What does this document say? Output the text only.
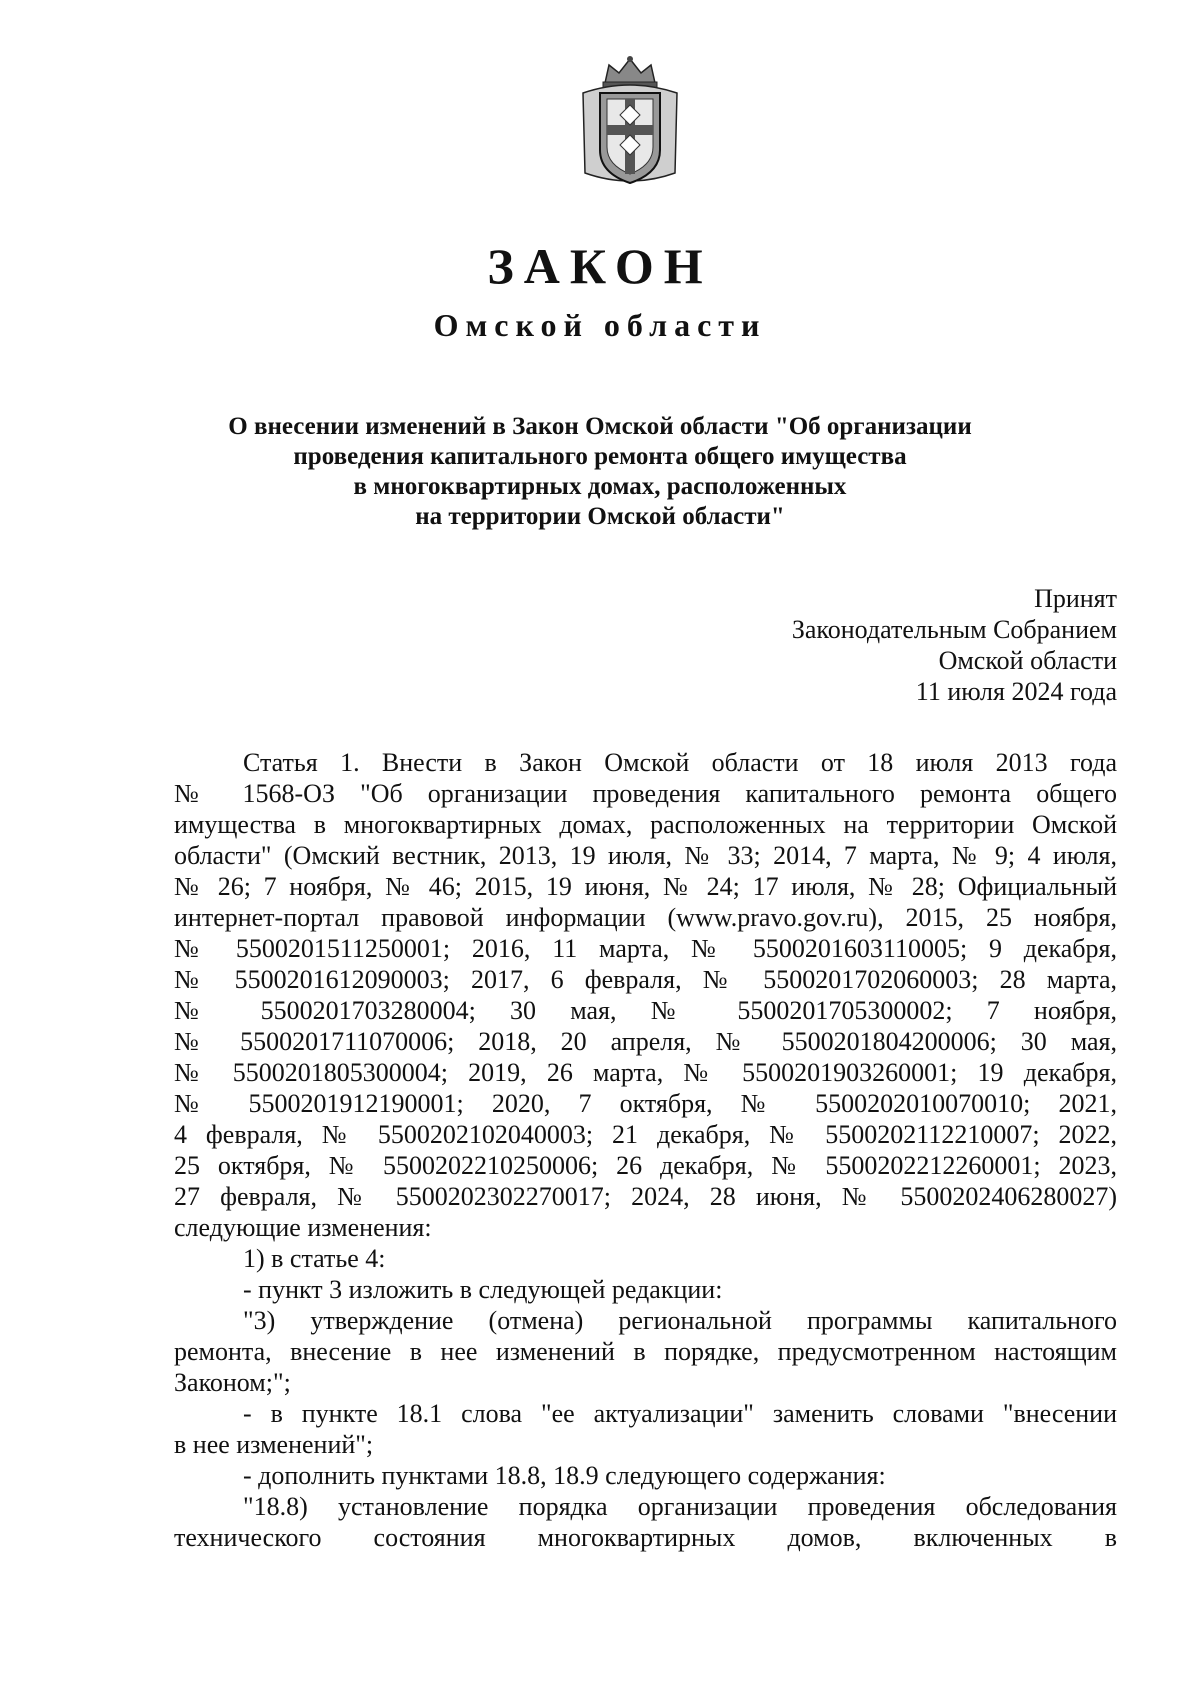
ЗАКОН
Омской области
О внесении изменений в Закон Омской области "Об организации
проведения капитального ремонта общего имущества
в многоквартирных домах, расположенных
на территории Омской области"
Принят
Законодательным Собранием
Омской области
11 июля 2024 года
Статья 1. Внести в Закон Омской области от 18 июля 2013 года
№ 1568-ОЗ "Об организации проведения капитального ремонта общего
имущества в многоквартирных домах, расположенных на территории Омской
области" (Омский вестник, 2013, 19 июля, № 33; 2014, 7 марта, № 9; 4 июля,
№ 26; 7 ноября, № 46; 2015, 19 июня, № 24; 17 июля, № 28; Официальный
интернет-портал правовой информации (www.pravo.gov.ru), 2015, 25 ноября,
№ 5500201511250001; 2016, 11 марта, № 5500201603110005; 9 декабря,
№ 5500201612090003; 2017, 6 февраля, № 5500201702060003; 28 марта,
№ 5500201703280004; 30 мая, № 5500201705300002; 7 ноября,
№ 5500201711070006; 2018, 20 апреля, № 5500201804200006; 30 мая,
№ 5500201805300004; 2019, 26 марта, № 5500201903260001; 19 декабря,
№ 5500201912190001; 2020, 7 октября, № 5500202010070010; 2021,
4 февраля, № 5500202102040003; 21 декабря, № 5500202112210007; 2022,
25 октября, № 5500202210250006; 26 декабря, № 5500202212260001; 2023,
27 февраля, № 5500202302270017; 2024, 28 июня, № 5500202406280027)
следующие изменения:
1) в статье 4:
- пункт 3 изложить в следующей редакции:
"3) утверждение (отмена) региональной программы капитального
ремонта, внесение в нее изменений в порядке, предусмотренном настоящим
Законом;";
- в пункте 18.1 слова "ее актуализации" заменить словами "внесении
в нее изменений";
- дополнить пунктами 18.8, 18.9 следующего содержания:
"18.8) установление порядка организации проведения обследования
технического состояния многоквартирных домов, включенных в
